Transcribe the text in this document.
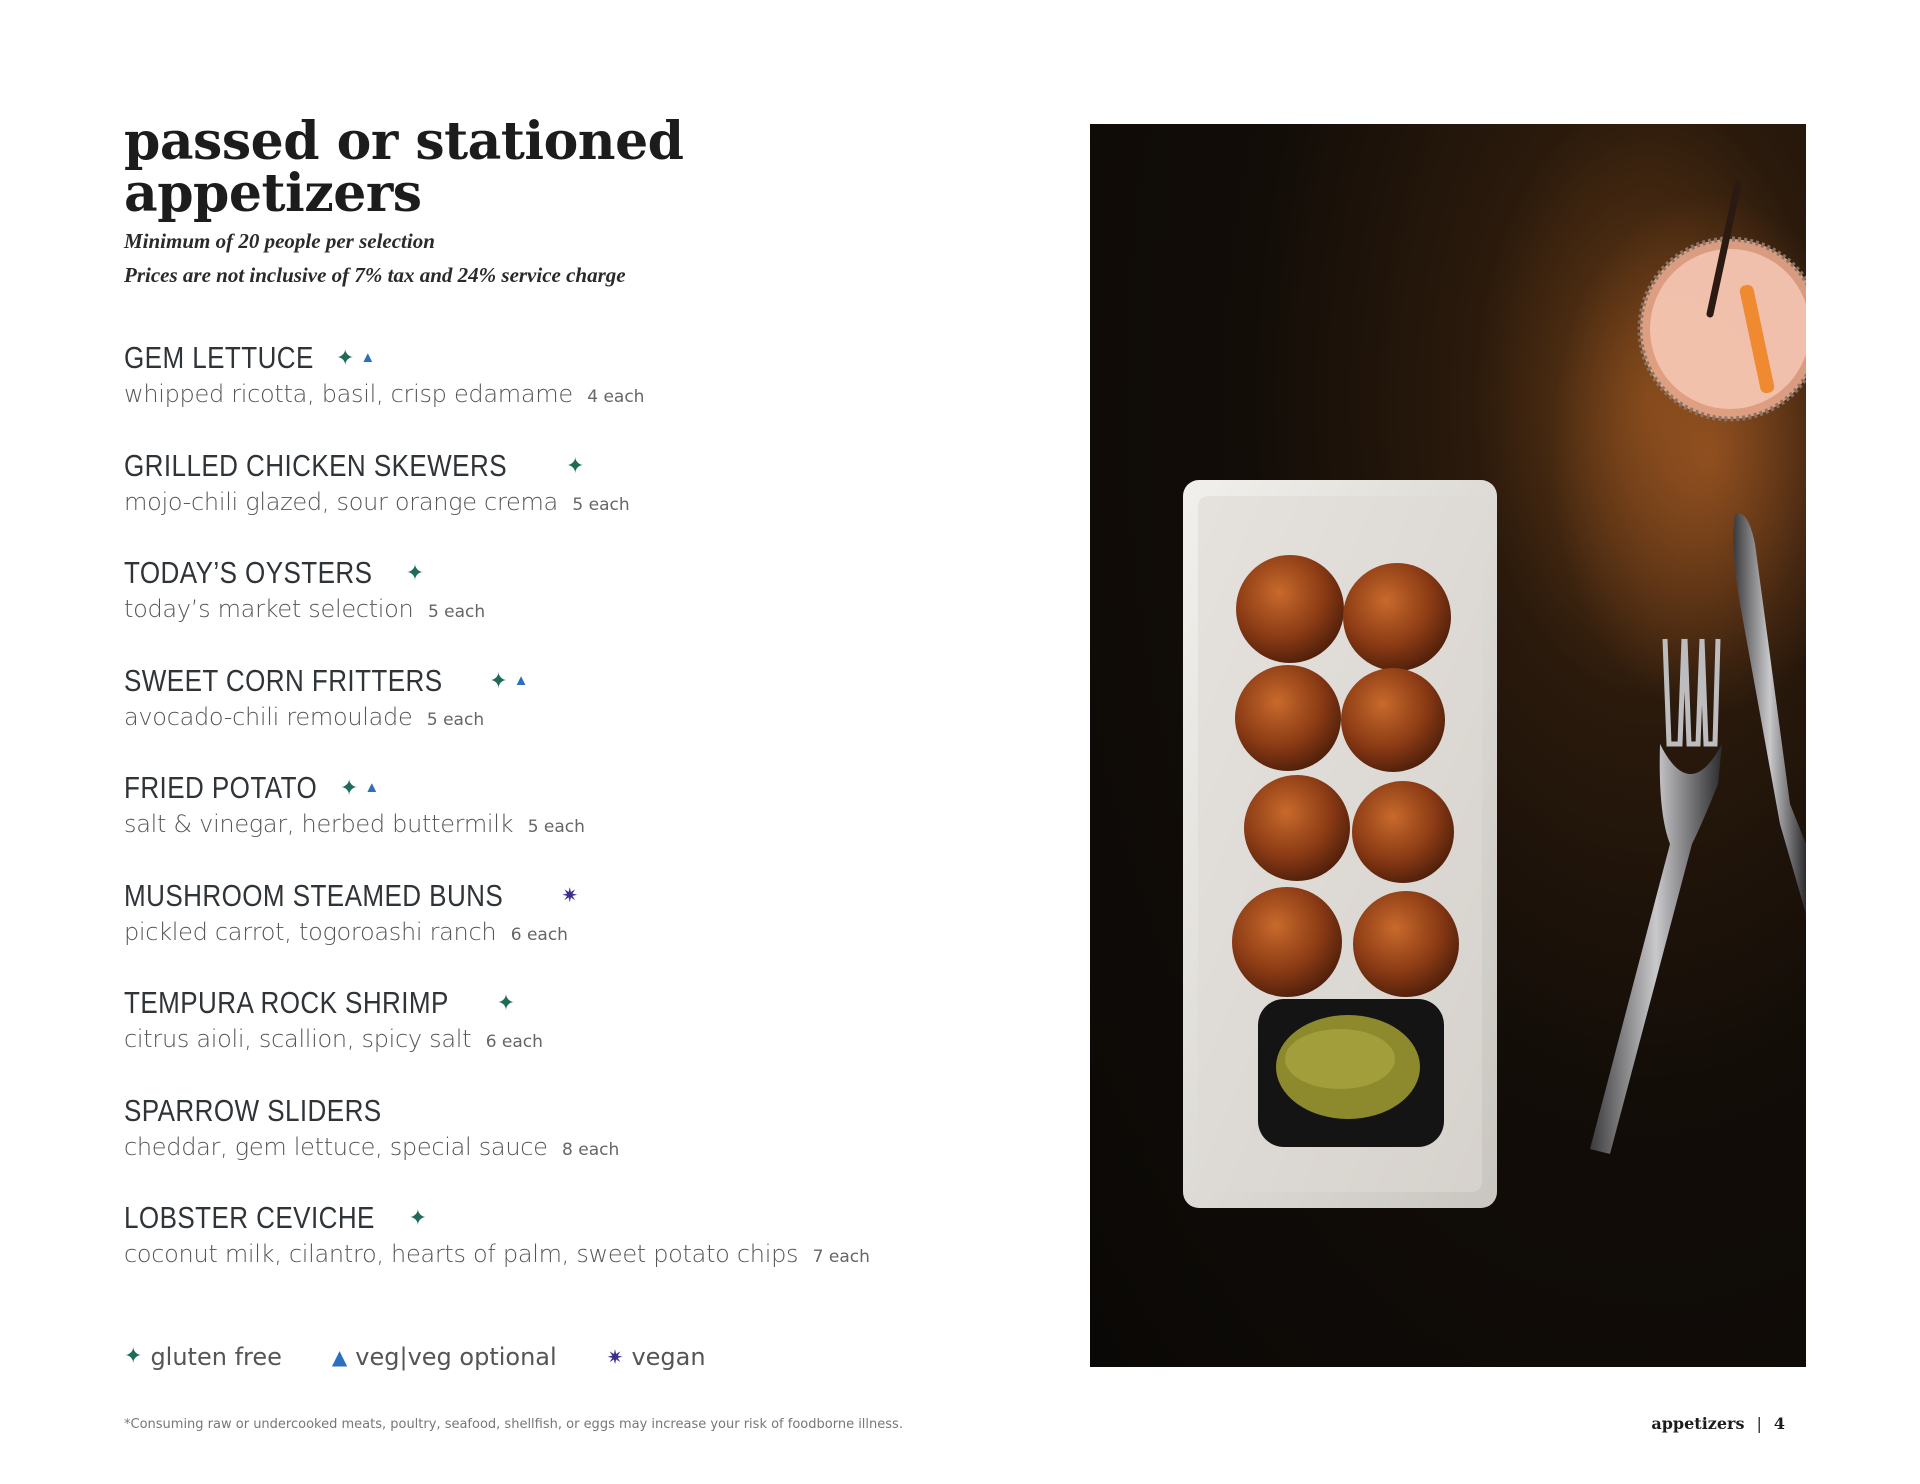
passed or stationed
appetizers

Minimum of 20 people per selection

Prices are not inclusive of 7% tax and 24% service charge

GEM LETTUCE ✦ ▲
whipped ricotta, basil, crisp edamame 4 each
GRILLED CHICKEN SKEWERS	✦
mojo-chili glazed, sour orange crema 5 each
TODAY’S OYSTERS ✦
today’s market selection 5 each
SWEET CORN FRITTERS ✦ ▲
avocado-chili remoulade 5 each
FRIED POTATO ✦ ▲
salt & vinegar, herbed buttermilk 5 each
MUSHROOM STEAMED BUNS	✷
pickled carrot, togoroashi ranch 6 each
TEMPURA ROCK SHRIMP ✦
citrus aioli, scallion, spicy salt 6 each
SPARROW SLIDERS
cheddar, gem lettuce, special sauce 8 each
LOBSTER CEVICHE ✦
coconut milk, cilantro, hearts of palm, sweet potato chips 7 each
✦ gluten free	▲ veg|veg optional	✷ vegan
*Consuming raw or undercooked meats, poultry, seafood, shellfish, or eggs may increase your risk of foodborne illness.	appetizers | 4
